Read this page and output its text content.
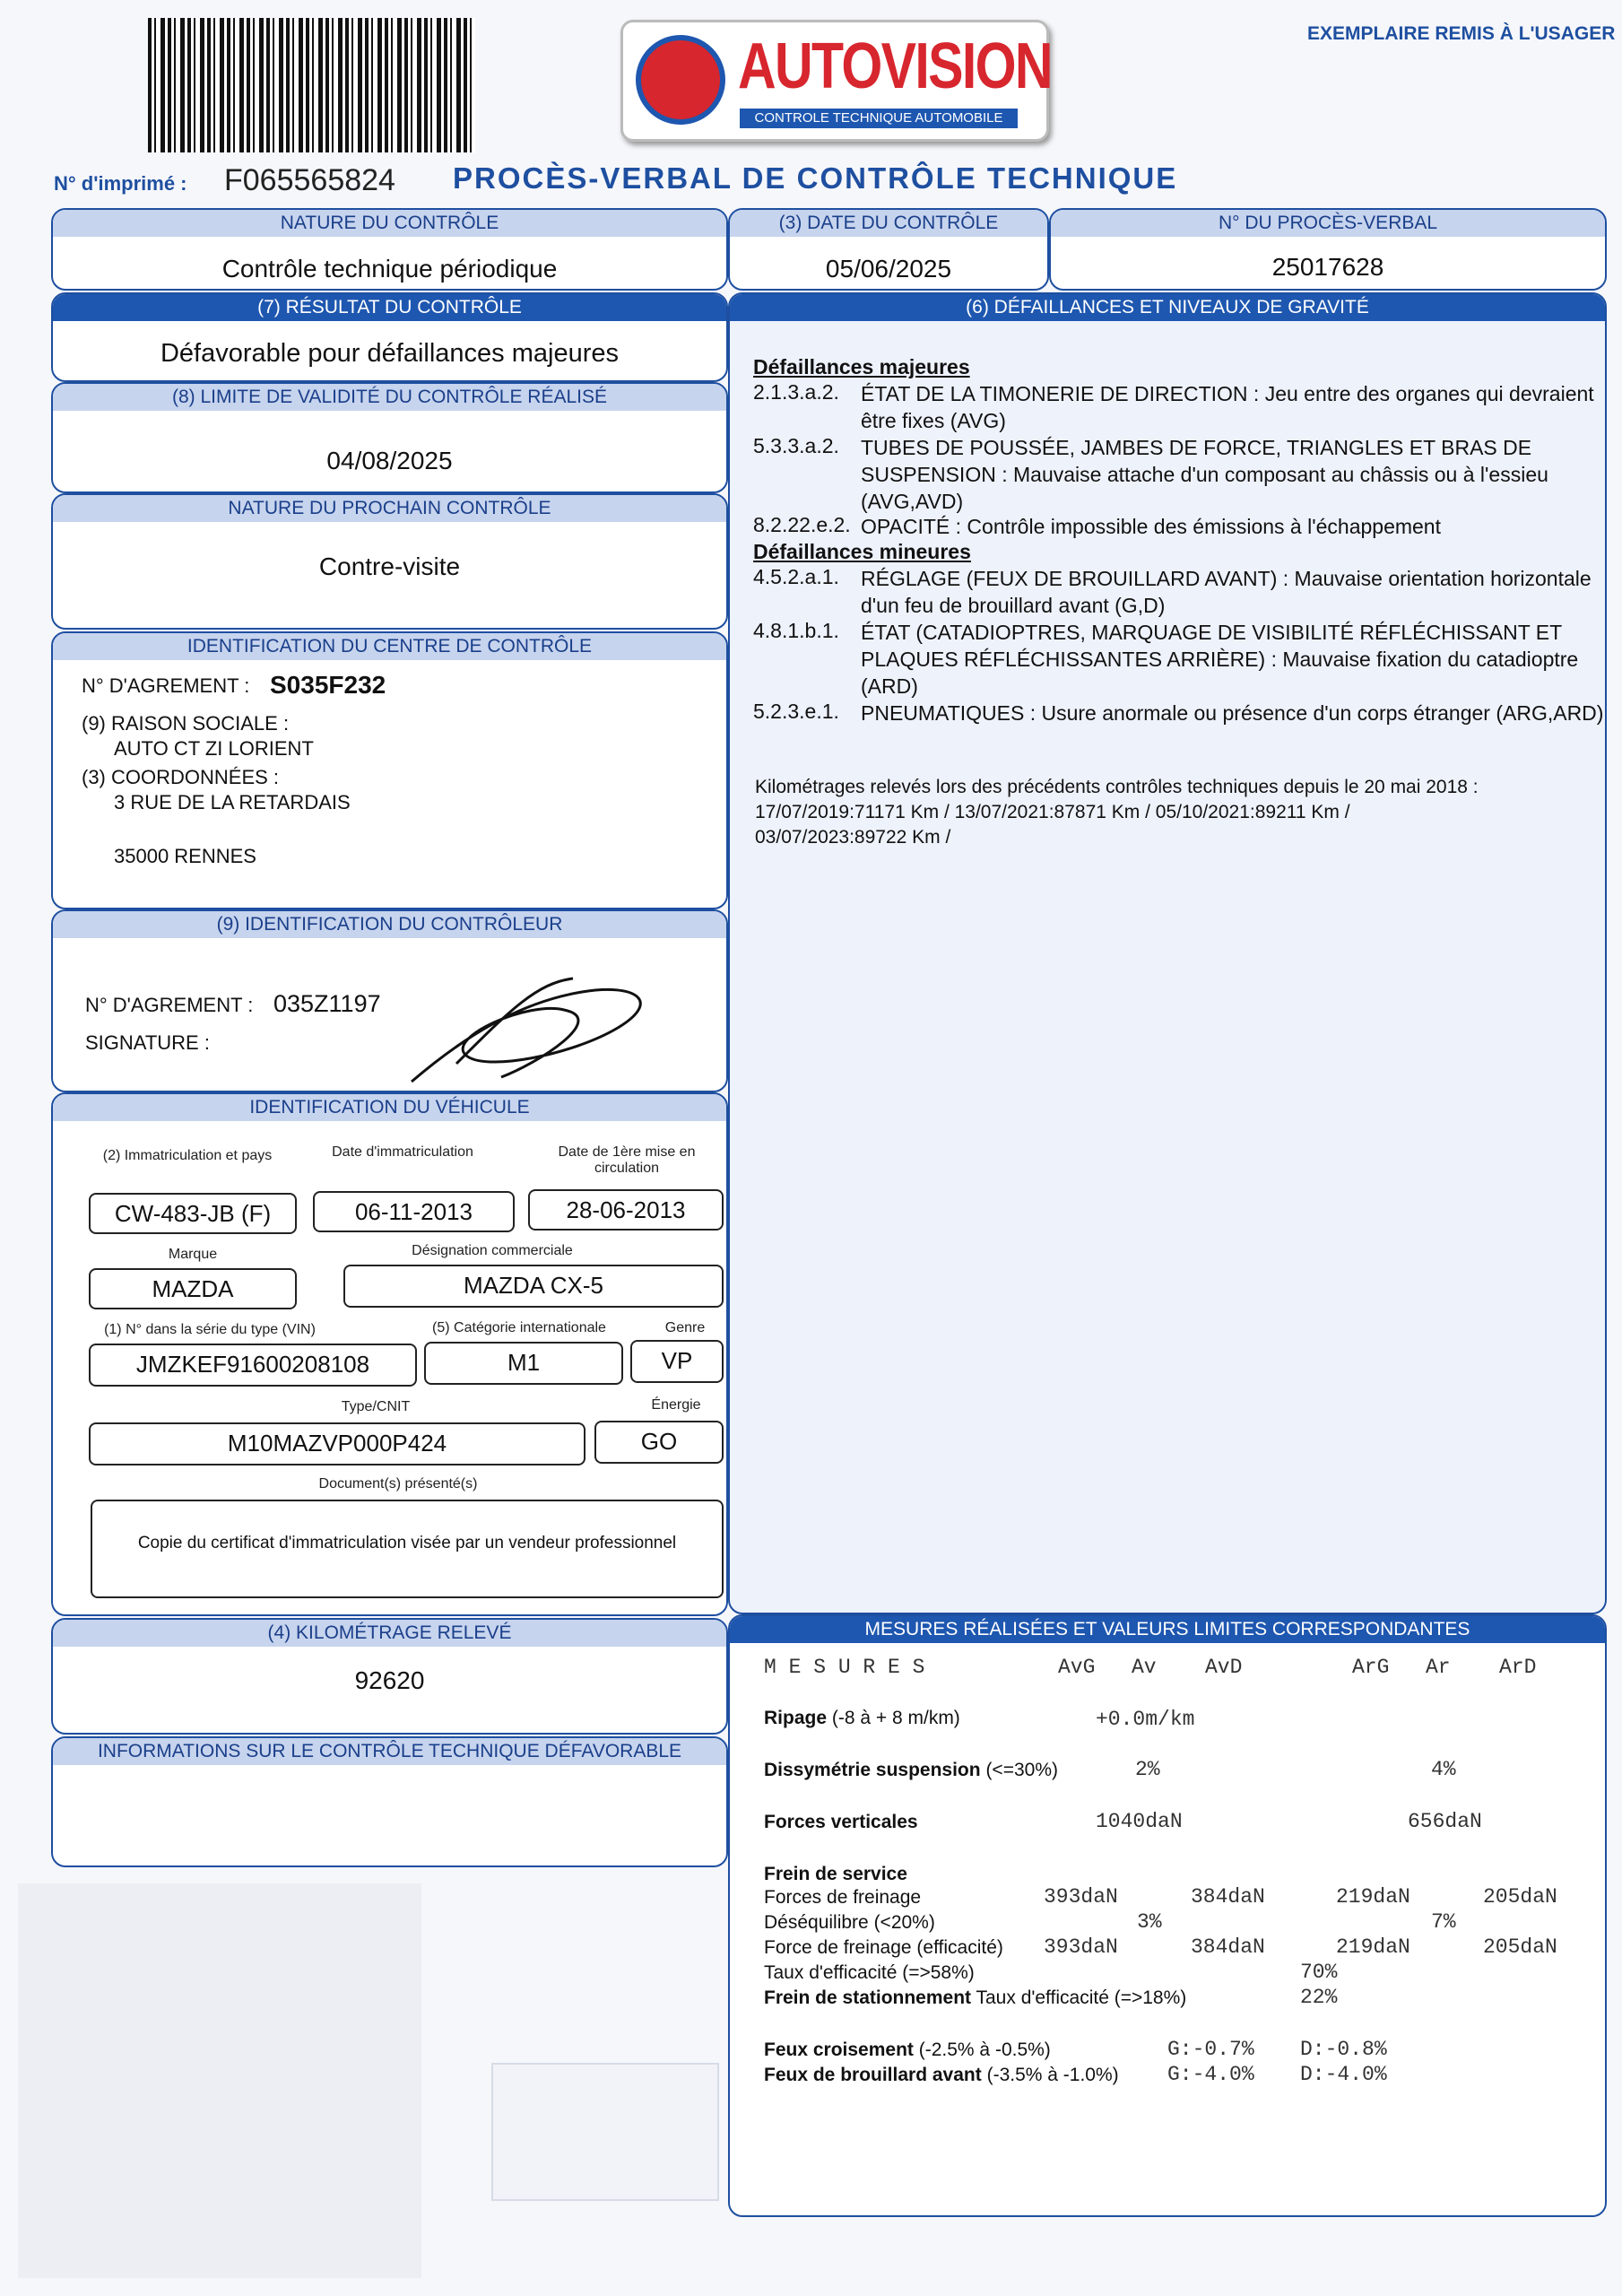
AUTOVISION
CONTROLE TECHNIQUE AUTOMOBILE
EXEMPLAIRE REMIS À L'USAGER
N° d'imprimé : F065565824 PROCÈS-VERBAL DE CONTRÔLE TECHNIQUE
NATURE DU CONTRÔLE
Contrôle technique périodique
(3) DATE DU CONTRÔLE
05/06/2025
N° DU PROCÈS-VERBAL
25017628
(7) RÉSULTAT DU CONTRÔLE
Défavorable pour défaillances majeures
(8) LIMITE DE VALIDITÉ DU CONTRÔLE RÉALISÉ
04/08/2025
NATURE DU PROCHAIN CONTRÔLE
Contre-visite
IDENTIFICATION DU CENTRE DE CONTRÔLE
N° D'AGREMENT : S035F232
(9) RAISON SOCIALE :
AUTO CT ZI LORIENT
(3) COORDONNÉES :
3 RUE DE LA RETARDAIS
35000 RENNES
(9) IDENTIFICATION DU CONTRÔLEUR
N° D'AGREMENT : 035Z1197
SIGNATURE :
IDENTIFICATION DU VÉHICULE
(2) Immatriculation et pays	Date d'immatriculation	Date de 1ère mise en circulation
CW-483-JB (F)	06-11-2013	28-06-2013
Marque	Désignation commerciale
MAZDA	MAZDA CX-5
(1) N° dans la série du type (VIN)	(5) Catégorie internationale	Genre
JMZKEF91600208108	M1	VP
Type/CNIT	Énergie
M10MAZVP000P424	GO
Document(s) présenté(s)
Copie du certificat d'immatriculation visée par un vendeur professionnel
(4) KILOMÉTRAGE RELEVÉ
92620
INFORMATIONS SUR LE CONTRÔLE TECHNIQUE DÉFAVORABLE
(6) DÉFAILLANCES ET NIVEAUX DE GRAVITÉ
Défaillances majeures
2.1.3.a.2.	ÉTAT DE LA TIMONERIE DE DIRECTION : Jeu entre des organes qui devraient être fixes (AVG)
5.3.3.a.2.	TUBES DE POUSSÉE, JAMBES DE FORCE, TRIANGLES ET BRAS DE SUSPENSION : Mauvaise attache d'un composant au châssis ou à l'essieu (AVG,AVD)
8.2.22.e.2. OPACITÉ : Contrôle impossible des émissions à l'échappement
Défaillances mineures
4.5.2.a.1.	RÉGLAGE (FEUX DE BROUILLARD AVANT) : Mauvaise orientation horizontale d'un feu de brouillard avant (G,D)
4.8.1.b.1.	ÉTAT (CATADIOPTRES, MARQUAGE DE VISIBILITÉ RÉFLÉCHISSANT ET PLAQUES RÉFLÉCHISSANTES ARRIÈRE) : Mauvaise fixation du catadioptre (ARD)
5.2.3.e.1.	PNEUMATIQUES : Usure anormale ou présence d'un corps étranger (ARG,ARD)
Kilométrages relevés lors des précédents contrôles techniques depuis le 20 mai 2018 :
17/07/2019:71171 Km / 13/07/2021:87871 Km / 05/10/2021:89211 Km /
03/07/2023:89722 Km /
MESURES RÉALISÉES ET VALEURS LIMITES CORRESPONDANTES
M E S U R E S	AvG Av AvD	ArG Ar ArD
Ripage (-8 à + 8 m/km)	+0.0m/km
Dissymétrie suspension (<=30%)	2%	4%
Forces verticales	1040daN	656daN
Frein de service
Forces de freinage	393daN	384daN	219daN	205daN
Déséquilibre (<20%)	3%	7%
Force de freinage (efficacité) 393daN	384daN	219daN	205daN
Taux d'efficacité (=>58%)	70%
Frein de stationnement Taux d'efficacité (=>18%)	22%
Feux croisement (-2.5% à -0.5%)	G:-0.7% D:-0.8%
Feux de brouillard avant (-3.5% à -1.0%) G:-4.0% D:-4.0%
